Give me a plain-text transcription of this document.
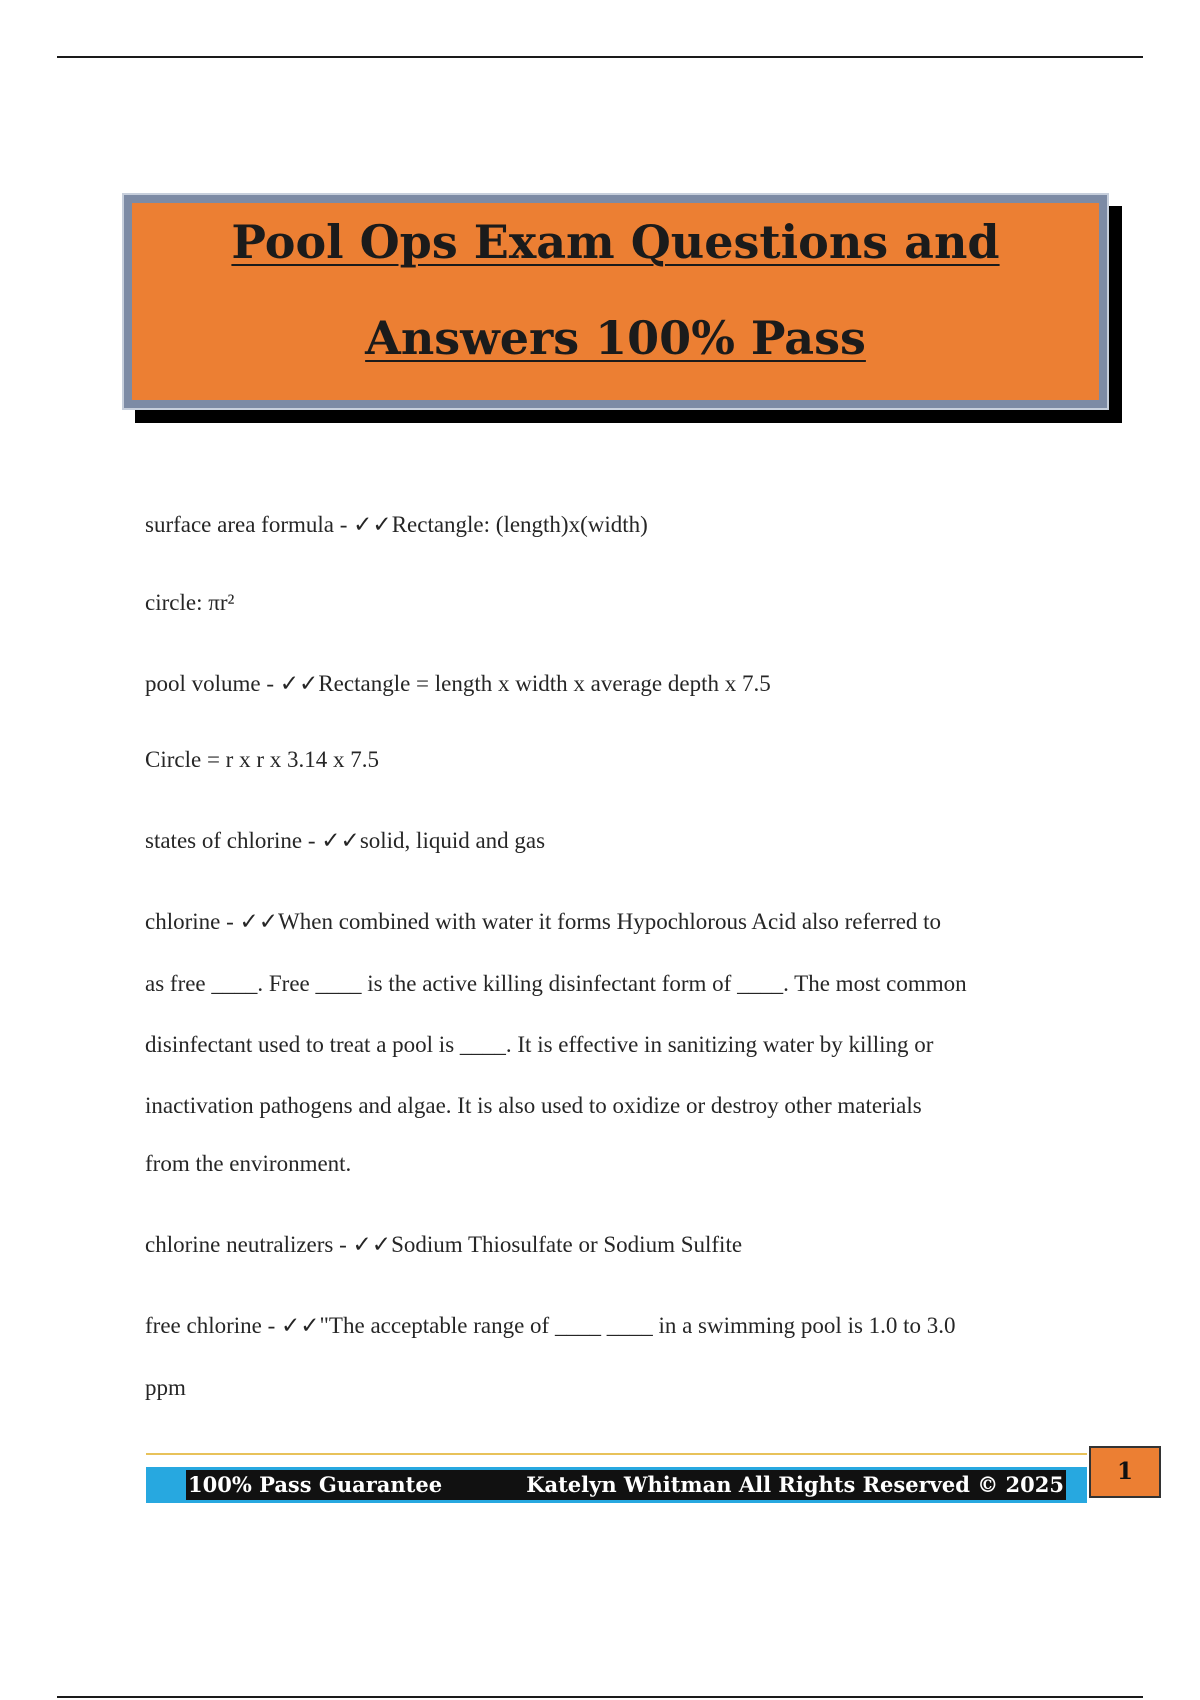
Pool Ops Exam Questions and
Answers 100% Pass
surface area formula - ✓✓Rectangle: (length)x(width)
circle: πr²
pool volume - ✓✓Rectangle = length x width x average depth x 7.5
Circle = r x r x 3.14 x 7.5
states of chlorine - ✓✓solid, liquid and gas
chlorine - ✓✓When combined with water it forms Hypochlorous Acid also referred to
as free ____. Free ____ is the active killing disinfectant form of ____. The most common
disinfectant used to treat a pool is ____. It is effective in sanitizing water by killing or
inactivation pathogens and algae. It is also used to oxidize or destroy other materials
from the environment.
chlorine neutralizers - ✓✓Sodium Thiosulfate or Sodium Sulfite
free chlorine - ✓✓"The acceptable range of ____ ____ in a swimming pool is 1.0 to 3.0
ppm
100% Pass Guarantee	Katelyn Whitman All Rights Reserved © 2025	1
